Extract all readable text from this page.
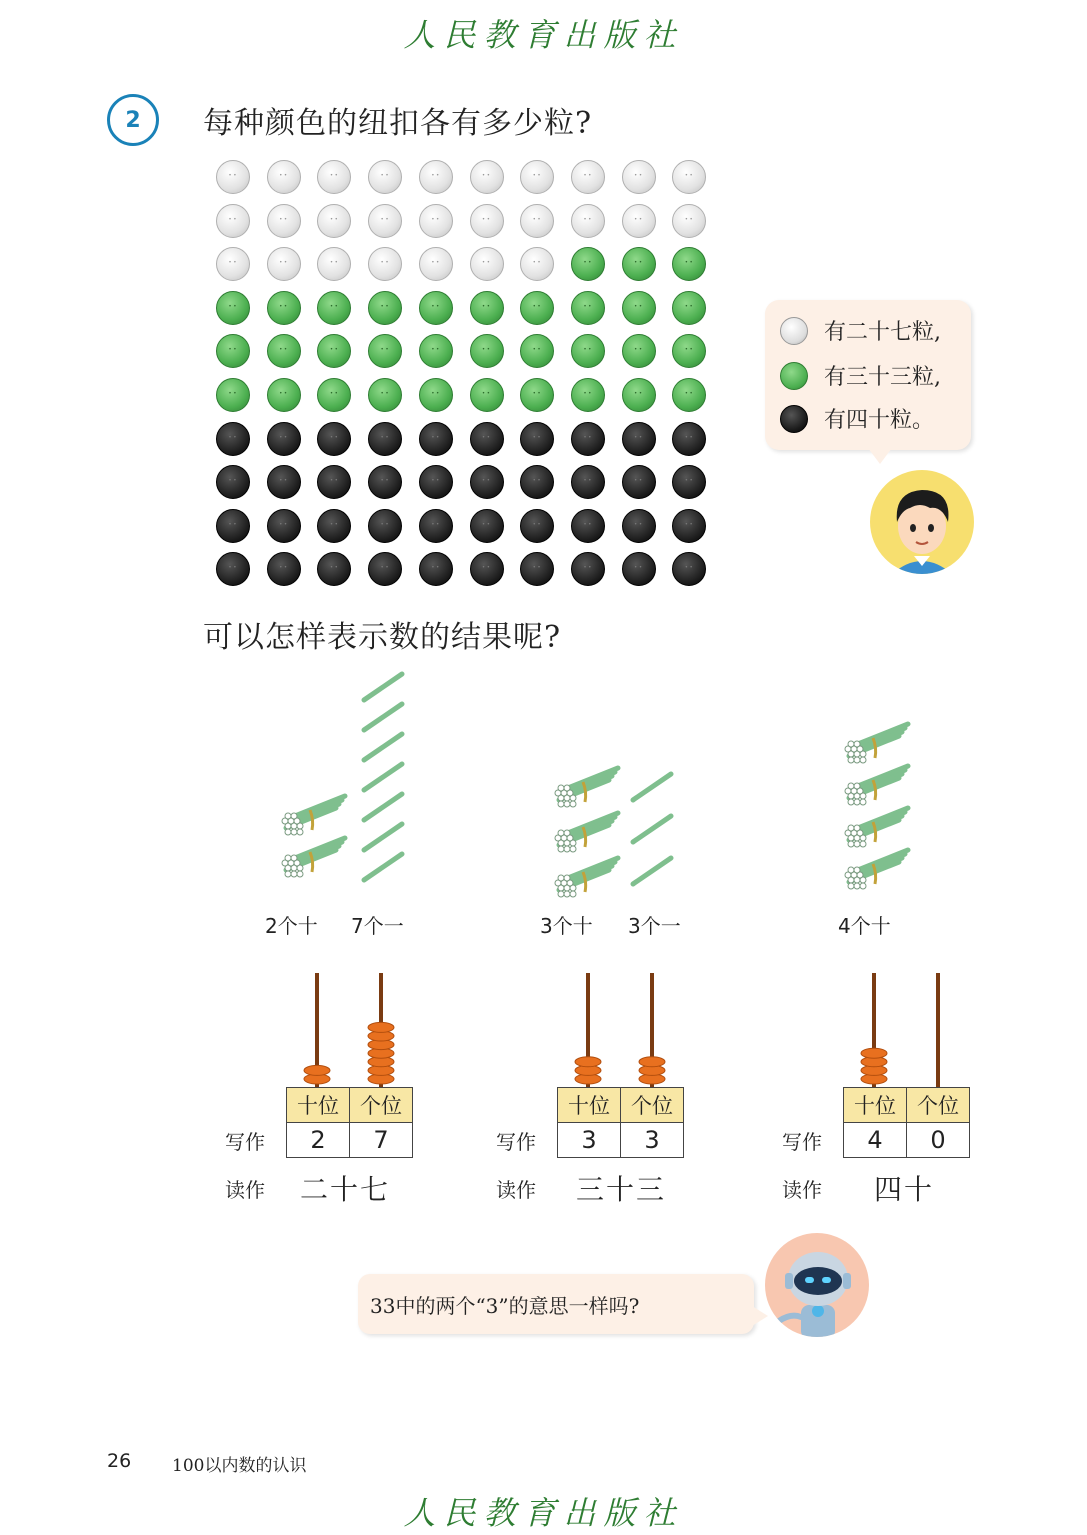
人民教育出版社
2	每种颜色的纽扣各有多少粒?
··
··
··
··
··
··
··
··
··
··
··
··
··
··
··
··
··
··
··
··
··
··
··
··
··
··
··
··
··
··
··
··
··
··
··
··
··
··
··
··
··
··
··
··
··
··
··
··
··
··
··
··
··
··
··
··
··
··
··
··
··
··
··
··
··
··
··
··
··
··
··
··
··
··
··
··
··
··
··
··
··
··
··
··
··
··
··
··
··
··
··
··
··
··
··
··
··
··
··
··
有二十七粒,
有三十三粒,
有四十粒。
可以怎样表示数的结果呢?
2个十 7个一	3个十 3个一	4个十
十位	个位
2	7
写作
读作 二十七
十位	个位
3	3
写作
读作 三十三
十位	个位
4	0
写作
读作 四十
33中的两个“3”的意思一样吗?
26 100以内数的认识
人民教育出版社
